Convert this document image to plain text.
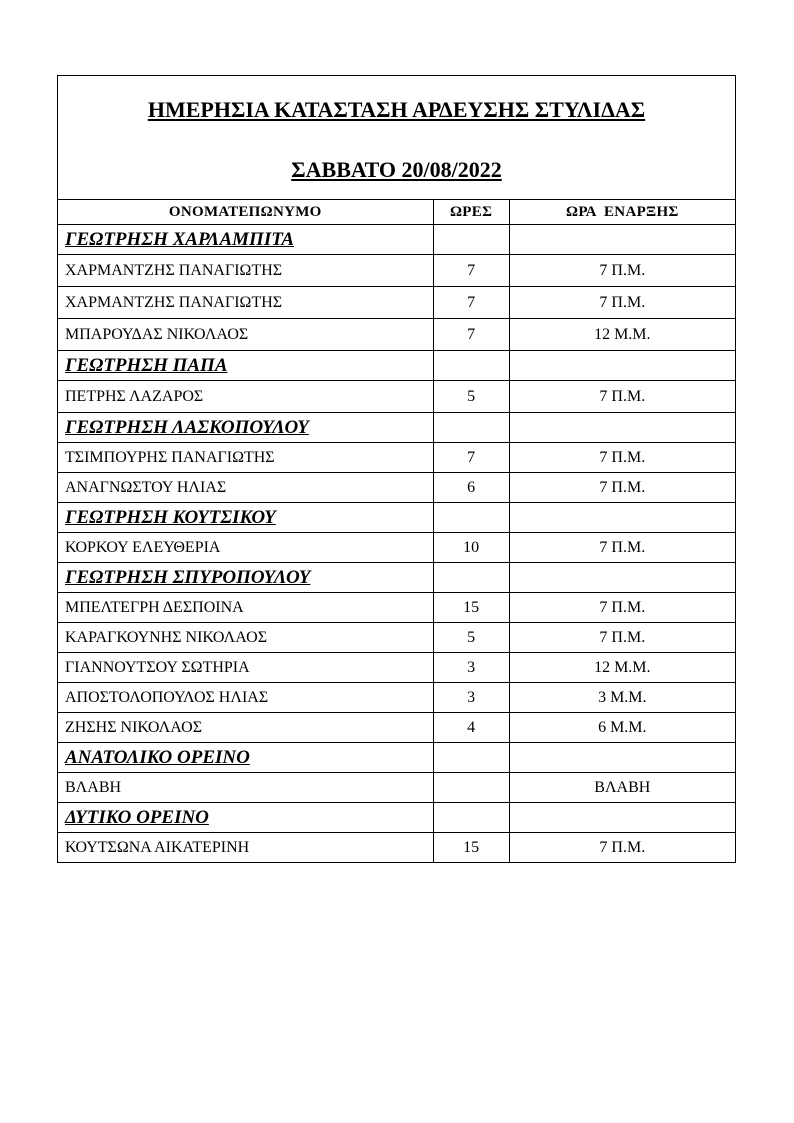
ΗΜΕΡΗΣΙΑ ΚΑΤΑΣΤΑΣΗ ΑΡΔΕΥΣΗΣ ΣΤΥΛΙΔΑΣ
ΣΑΒΒΑΤΟ 20/08/2022		

ΟΝΟΜΑΤΕΠΩΝΥΜΟ	ΩΡΕΣ	ΩΡΑ  ΕΝΑΡΞΗΣ
ΓΕΩΤΡΗΣΗ ΧΑΡΛΑΜΠΙΤΑ		
ΧΑΡΜΑΝΤΖΗΣ ΠΑΝΑΓΙΩΤΗΣ	7	7 Π.Μ.
ΧΑΡΜΑΝΤΖΗΣ ΠΑΝΑΓΙΩΤΗΣ	7	7 Π.Μ.
ΜΠΑΡΟΥΔΑΣ ΝΙΚΟΛΑΟΣ	7	12 Μ.Μ.
ΓΕΩΤΡΗΣΗ ΠΑΠΑ		
ΠΕΤΡΗΣ ΛΑΖΑΡΟΣ	5	7 Π.Μ.
ΓΕΩΤΡΗΣΗ ΛΑΣΚΟΠΟΥΛΟΥ		
ΤΣΙΜΠΟΥΡΗΣ ΠΑΝΑΓΙΩΤΗΣ	7	7 Π.Μ.
ΑΝΑΓΝΩΣΤΟΥ ΗΛΙΑΣ	6	7 Π.Μ.
ΓΕΩΤΡΗΣΗ ΚΟΥΤΣΙΚΟΥ		
ΚΟΡΚΟΥ ΕΛΕΥΘΕΡΙΑ	10	7 Π.Μ.
ΓΕΩΤΡΗΣΗ ΣΠΥΡΟΠΟΥΛΟΥ		
ΜΠΕΛΤΕΓΡΗ ΔΕΣΠΟΙΝΑ	15	7 Π.Μ.
ΚΑΡΑΓΚΟΥΝΗΣ ΝΙΚΟΛΑΟΣ	5	7 Π.Μ.
ΓΙΑΝΝΟΥΤΣΟΥ ΣΩΤΗΡΙΑ	3	12 Μ.Μ.
ΑΠΟΣΤΟΛΟΠΟΥΛΟΣ ΗΛΙΑΣ	3	3 Μ.Μ.
ΖΗΣΗΣ ΝΙΚΟΛΑΟΣ	4	6 Μ.Μ.
ΑΝΑΤΟΛΙΚΟ ΟΡΕΙΝΟ		
ΒΛΑΒΗ		ΒΛΑΒΗ
ΔΥΤΙΚΟ ΟΡΕΙΝΟ		
ΚΟΥΤΣΩΝΑ ΑΙΚΑΤΕΡΙΝΗ	15	7 Π.Μ.
